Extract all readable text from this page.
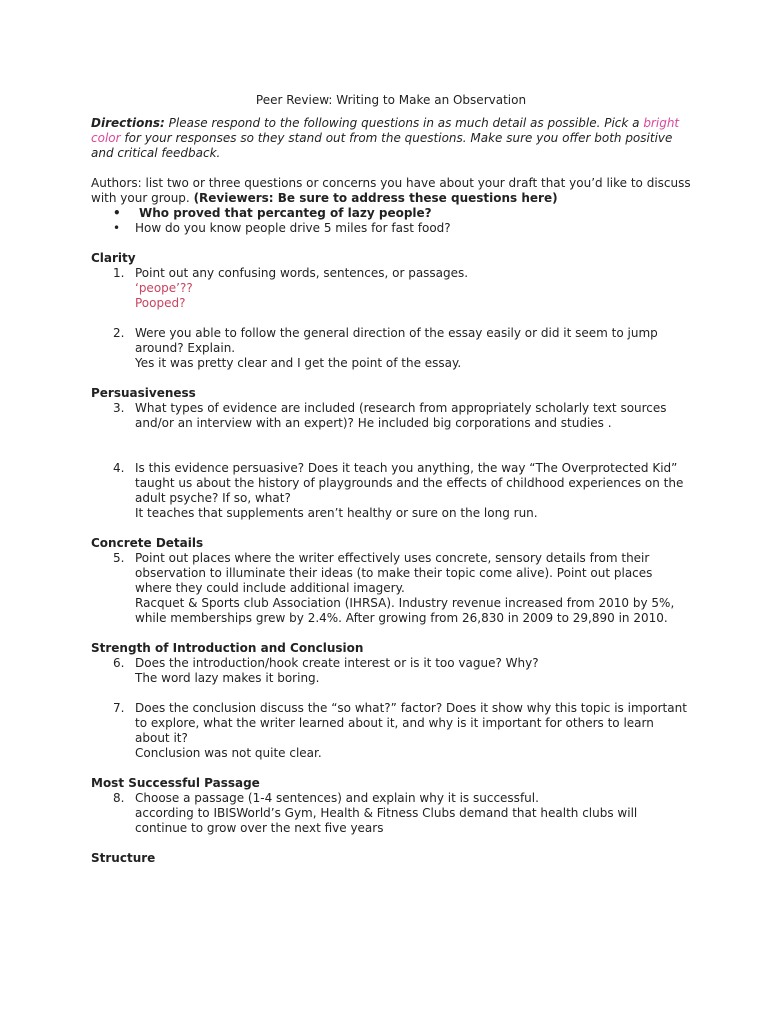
Peer Review: Writing to Make an Observation

Directions: Please respond to the following questions in as much detail as possible. Pick a bright color for your responses so they stand out from the questions. Make sure you offer both positive and critical feedback.

Authors: list two or three questions or concerns you have about your draft that you’d like to discuss with your group. (Reviewers: Be sure to address these questions here)
• Who proved that percanteg of lazy people?
• How do you know people drive 5 miles for fast food?
Clarity
1. Point out any confusing words, sentences, or passages.
‘peope’??
Pooped?
2. Were you able to follow the general direction of the essay easily or did it seem to jump around? Explain.
Yes it was pretty clear and I get the point of the essay.
Persuasiveness
3. What types of evidence are included (research from appropriately scholarly text sources and/or an interview with an expert)? He included big corporations and studies .
4. Is this evidence persuasive? Does it teach you anything, the way “The Overprotected Kid” taught us about the history of playgrounds and the effects of childhood experiences on the adult psyche? If so, what?
It teaches that supplements aren’t healthy or sure on the long run.
Concrete Details
5. Point out places where the writer effectively uses concrete, sensory details from their observation to illuminate their ideas (to make their topic come alive). Point out places where they could include additional imagery.
Racquet & Sports club Association (IHRSA). Industry revenue increased from 2010 by 5%, while memberships grew by 2.4%. After growing from 26,830 in 2009 to 29,890 in 2010.
Strength of Introduction and Conclusion
6. Does the introduction/hook create interest or is it too vague? Why?
The word lazy makes it boring.
7. Does the conclusion discuss the “so what?” factor? Does it show why this topic is important to explore, what the writer learned about it, and why is it important for others to learn about it?
Conclusion was not quite clear.
Most Successful Passage
8. Choose a passage (1-4 sentences) and explain why it is successful.
according to IBISWorld’s Gym, Health & Fitness Clubs demand that health clubs will continue to grow over the next five years
Structure
